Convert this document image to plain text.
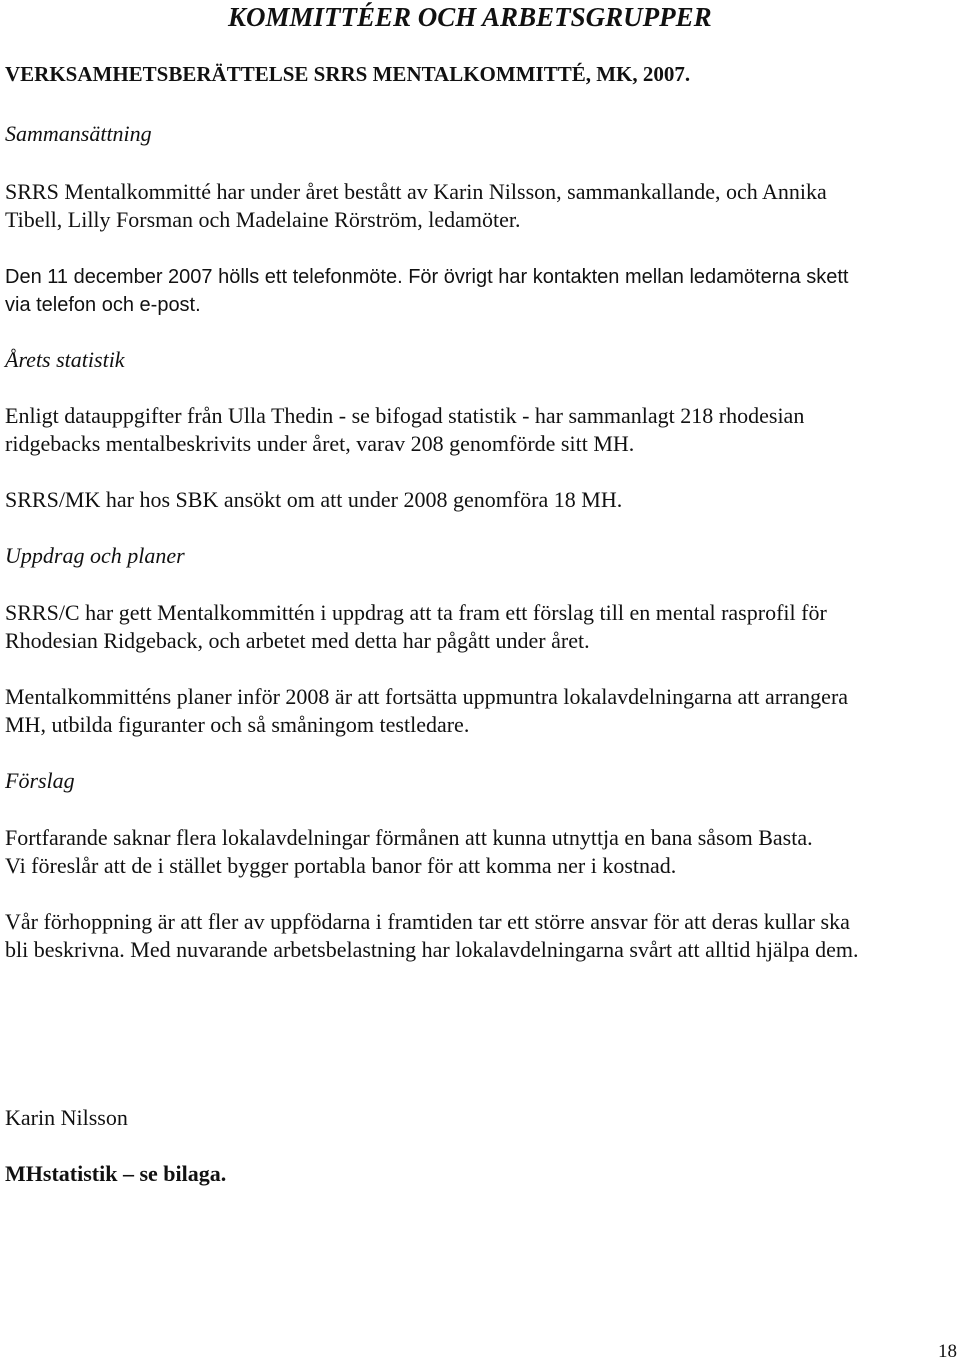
KOMMITTÉER OCH ARBETSGRUPPER
VERKSAMHETSBERÄTTELSE SRRS MENTALKOMMITTÉ, MK, 2007.

Sammansättning

SRRS Mentalkommitté har under året bestått av Karin Nilsson, sammankallande, och Annika
Tibell, Lilly Forsman och Madelaine Rörström, ledamöter.

Den 11 december 2007 hölls ett telefonmöte. För övrigt har kontakten mellan ledamöterna skett
via telefon och e-post.

Årets statistik

Enligt datauppgifter från Ulla Thedin - se bifogad statistik - har sammanlagt 218 rhodesian
ridgebacks mentalbeskrivits under året, varav 208 genomförde sitt MH.

SRRS/MK har hos SBK ansökt om att under 2008 genomföra 18 MH.

Uppdrag och planer

SRRS/C har gett Mentalkommittén i uppdrag att ta fram ett förslag till en mental rasprofil för
Rhodesian Ridgeback, och arbetet med detta har pågått under året.

Mentalkommitténs planer inför 2008 är att fortsätta uppmuntra lokalavdelningarna att arrangera
MH, utbilda figuranter och så småningom testledare.

Förslag

Fortfarande saknar flera lokalavdelningar förmånen att kunna utnyttja en bana såsom Basta.
Vi föreslår att de i stället bygger portabla banor för att komma ner i kostnad.

Vår förhoppning är att fler av uppfödarna i framtiden tar ett större ansvar för att deras kullar ska
bli beskrivna. Med nuvarande arbetsbelastning har lokalavdelningarna svårt att alltid hjälpa dem.

Karin Nilsson

MHstatistik – se bilaga.

18
